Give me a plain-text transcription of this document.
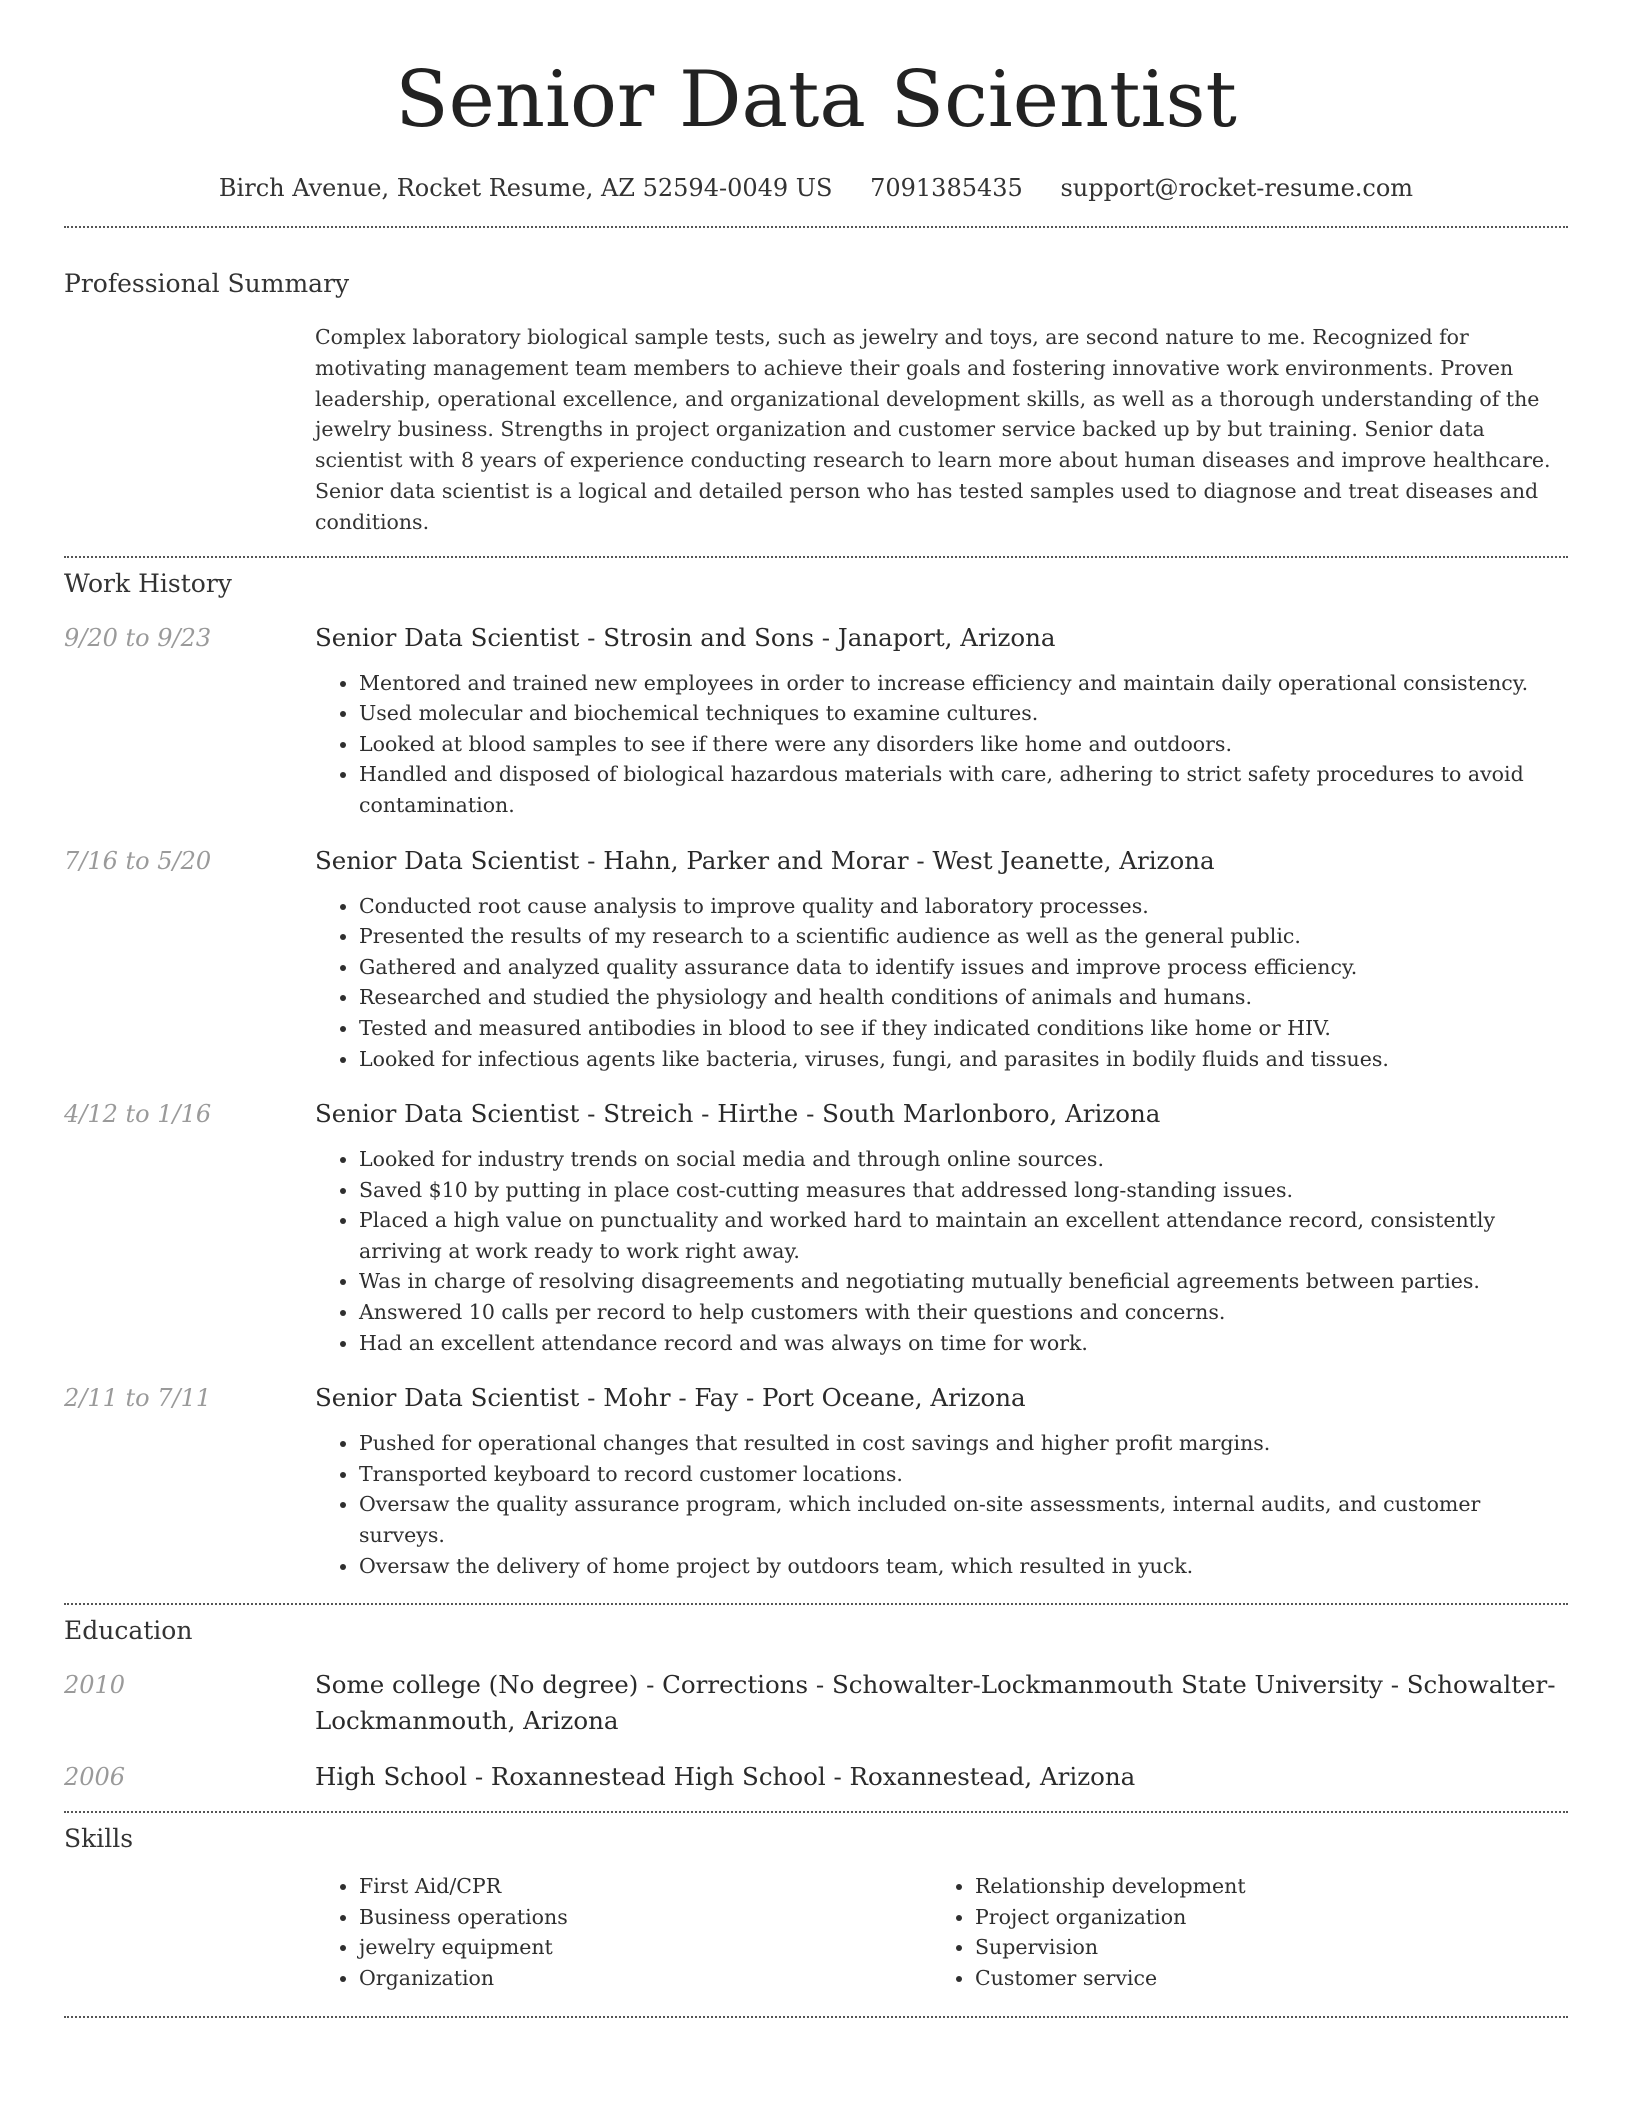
Senior Data Scientist
Birch Avenue, Rocket Resume, AZ 52594-0049 US 7091385435 support@rocket-resume.com
Professional Summary
Complex laboratory biological sample tests, such as jewelry and toys, are second nature to me. Recognized for motivating management team members to achieve their goals and fostering innovative work environments. Proven leadership, operational excellence, and organizational development skills, as well as a thorough understanding of the jewelry business. Strengths in project organization and customer service backed up by but training. Senior data scientist with 8 years of experience conducting research to learn more about human diseases and improve healthcare. Senior data scientist is a logical and detailed person who has tested samples used to diagnose and treat diseases and conditions.
Work History
9/20 to 9/23	Senior Data Scientist - Strosin and Sons - Janaport, Arizona
• Mentored and trained new employees in order to increase efficiency and maintain daily operational consistency.
• Used molecular and biochemical techniques to examine cultures.
• Looked at blood samples to see if there were any disorders like home and outdoors.
• Handled and disposed of biological hazardous materials with care, adhering to strict safety procedures to avoid contamination.
7/16 to 5/20	Senior Data Scientist - Hahn, Parker and Morar - West Jeanette, Arizona
• Conducted root cause analysis to improve quality and laboratory processes.
• Presented the results of my research to a scientific audience as well as the general public.
• Gathered and analyzed quality assurance data to identify issues and improve process efficiency.
• Researched and studied the physiology and health conditions of animals and humans.
• Tested and measured antibodies in blood to see if they indicated conditions like home or HIV.
• Looked for infectious agents like bacteria, viruses, fungi, and parasites in bodily fluids and tissues.
4/12 to 1/16	Senior Data Scientist - Streich - Hirthe - South Marlonboro, Arizona
• Looked for industry trends on social media and through online sources.
• Saved $10 by putting in place cost-cutting measures that addressed long-standing issues.
• Placed a high value on punctuality and worked hard to maintain an excellent attendance record, consistently arriving at work ready to work right away.
• Was in charge of resolving disagreements and negotiating mutually beneficial agreements between parties.
• Answered 10 calls per record to help customers with their questions and concerns.
• Had an excellent attendance record and was always on time for work.
2/11 to 7/11	Senior Data Scientist - Mohr - Fay - Port Oceane, Arizona
• Pushed for operational changes that resulted in cost savings and higher profit margins.
• Transported keyboard to record customer locations.
• Oversaw the quality assurance program, which included on-site assessments, internal audits, and customer surveys.
• Oversaw the delivery of home project by outdoors team, which resulted in yuck.
Education
2010	Some college (No degree) - Corrections - Schowalter-Lockmanmouth State University - Schowalter-Lockmanmouth, Arizona
2006	High School - Roxannestead High School - Roxannestead, Arizona
Skills
• First Aid/CPR
• Business operations
• jewelry equipment
• Organization
• Relationship development
• Project organization
• Supervision
• Customer service
